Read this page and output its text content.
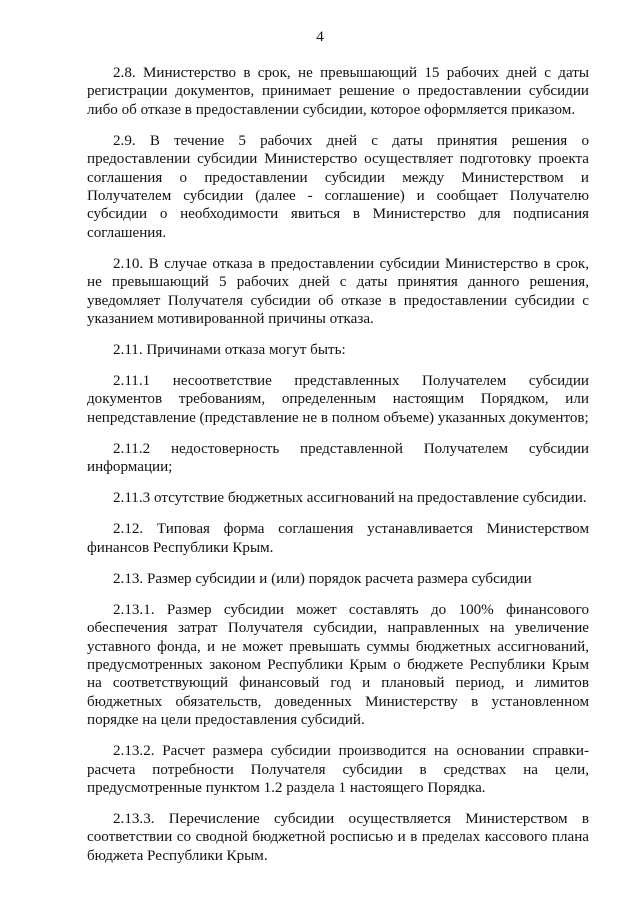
4

2.8. Министерство в срок, не превышающий 15 рабочих дней с даты регистрации документов, принимает решение о предоставлении субсидии либо об отказе в предоставлении субсидии, которое оформляется приказом.

2.9. В течение 5 рабочих дней с даты принятия решения о предоставлении субсидии Министерство осуществляет подготовку проекта соглашения о предоставлении субсидии между Министерством и Получателем субсидии (далее - соглашение) и сообщает Получателю субсидии о необходимости явиться в Министерство для подписания соглашения.

2.10. В случае отказа в предоставлении субсидии Министерство в срок, не превышающий 5 рабочих дней с даты принятия данного решения, уведомляет Получателя субсидии об отказе в предоставлении субсидии с указанием мотивированной причины отказа.

2.11. Причинами отказа могут быть:

2.11.1 несоответствие представленных Получателем субсидии документов требованиям, определенным настоящим Порядком, или непредставление (представление не в полном объеме) указанных документов;

2.11.2 недостоверность представленной Получателем субсидии информации;

2.11.3 отсутствие бюджетных ассигнований на предоставление субсидии.

2.12. Типовая форма соглашения устанавливается Министерством финансов Республики Крым.

2.13. Размер субсидии и (или) порядок расчета размера субсидии

2.13.1. Размер субсидии может составлять до 100% финансового обеспечения затрат Получателя субсидии, направленных на увеличение уставного фонда, и не может превышать суммы бюджетных ассигнований, предусмотренных законом Республики Крым о бюджете Республики Крым на соответствующий финансовый год и плановый период, и лимитов бюджетных обязательств, доведенных Министерству в установленном порядке на цели предоставления субсидий.

2.13.2. Расчет размера субсидии производится на основании справки-расчета потребности Получателя субсидии в средствах на цели, предусмотренные пунктом 1.2 раздела 1 настоящего Порядка.

2.13.3. Перечисление субсидии осуществляется Министерством в соответствии со сводной бюджетной росписью и в пределах кассового плана бюджета Республики Крым.
